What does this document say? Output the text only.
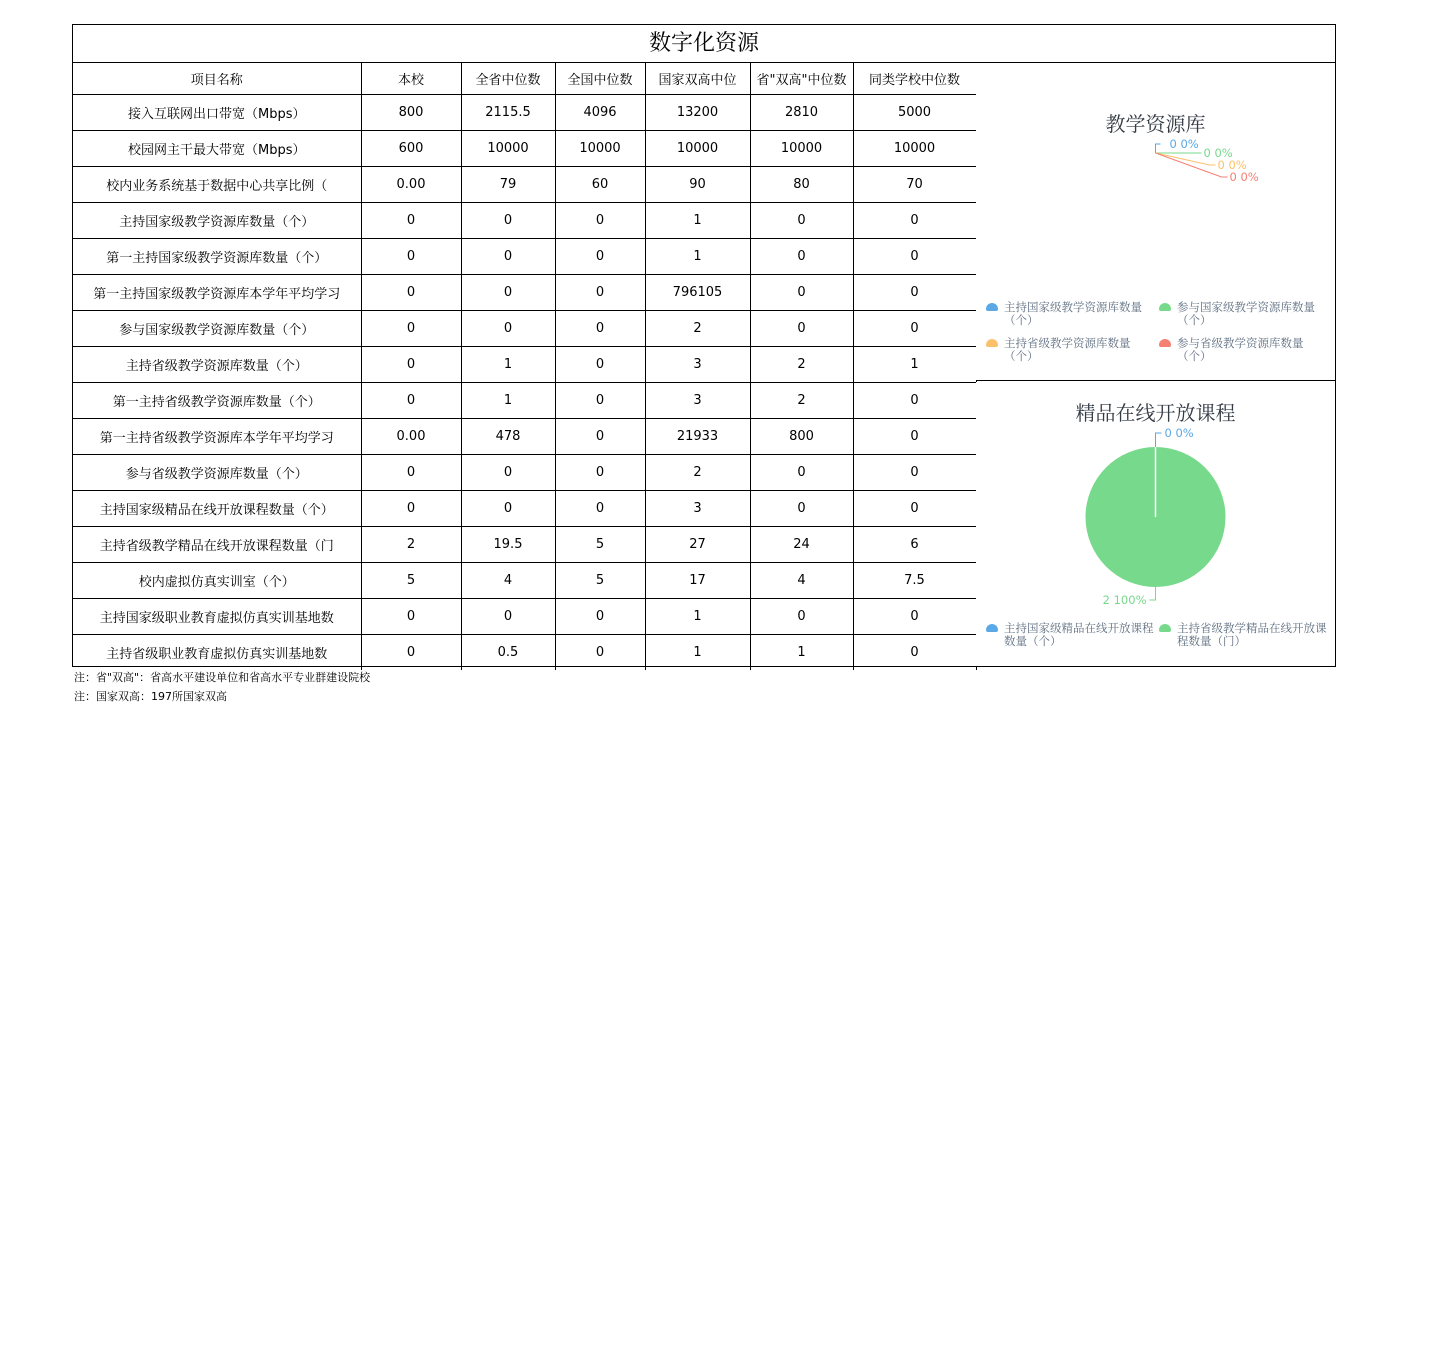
数字化资源
项目名称	本校	全省中位数	全国中位数	国家双高中位	省"双高"中位数	同类学校中位数	
接入互联网出口带宽（Mbps）	800	2115.5	4096	13200	2810	5000	
校园网主干最大带宽（Mbps）	600	10000	10000	10000	10000	10000	
校内业务系统基于数据中心共享比例（	0.00	79	60	90	80	70	
主持国家级教学资源库数量（个）	0	0	0	1	0	0	
第一主持国家级教学资源库数量（个）	0	0	0	1	0	0	
第一主持国家级教学资源库本学年平均学习	0	0	0	796105	0	0	
参与国家级教学资源库数量（个）	0	0	0	2	0	0	
主持省级教学资源库数量（个）	0	1	0	3	2	1	
第一主持省级教学资源库数量（个）	0	1	0	3	2	0	
第一主持省级教学资源库本学年平均学习	0.00	478	0	21933	800	0	
参与省级教学资源库数量（个）	0	0	0	2	0	0	
主持国家级精品在线开放课程数量（个）	0	0	0	3	0	0	
主持省级教学精品在线开放课程数量（门	2	19.5	5	27	24	6	
校内虚拟仿真实训室（个）	5	4	5	17	4	7.5	
主持国家级职业教育虚拟仿真实训基地数	0	0	0	1	0	0	
主持省级职业教育虚拟仿真实训基地数	0	0.5	0	1	1	0	
教学资源库
0 0%
0 0%
0 0%
0 0%
主持国家级教学资源库数量（个）
参与国家级教学资源库数量（个）
主持省级教学资源库数量（个）
参与省级教学资源库数量（个）
精品在线开放课程
0 0%
2 100%
主持国家级精品在线开放课程数量（个）
主持省级教学精品在线开放课程数量（门）
注：省"双高"：省高水平建设单位和省高水平专业群建设院校
注：国家双高：197所国家双高
